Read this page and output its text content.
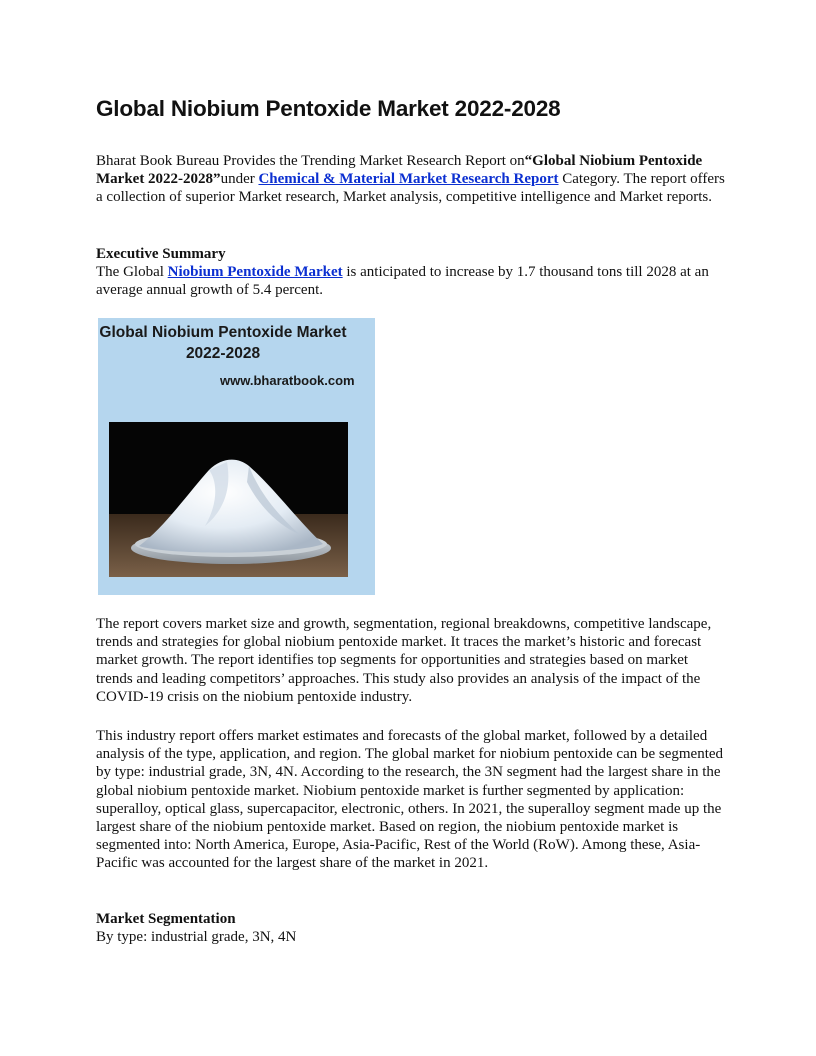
Global Niobium Pentoxide Market 2022-2028

Bharat Book Bureau Provides the Trending Market Research Report on“Global Niobium Pentoxide Market 2022-2028”under Chemical & Material Market Research Report Category. The report offers a collection of superior Market research, Market analysis, competitive intelligence and Market reports.

Executive Summary
The Global Niobium Pentoxide Market is anticipated to increase by 1.7 thousand tons till 2028 at an average annual growth of 5.4 percent.

Global Niobium Pentoxide Market 2022-2028
www.bharatbook.com

The report covers market size and growth, segmentation, regional breakdowns, competitive landscape, trends and strategies for global niobium pentoxide market. It traces the market’s historic and forecast market growth. The report identifies top segments for opportunities and strategies based on market trends and leading competitors’ approaches. This study also provides an analysis of the impact of the COVID-19 crisis on the niobium pentoxide industry.

This industry report offers market estimates and forecasts of the global market, followed by a detailed analysis of the type, application, and region. The global market for niobium pentoxide can be segmented by type: industrial grade, 3N, 4N. According to the research, the 3N segment had the largest share in the global niobium pentoxide market. Niobium pentoxide market is further segmented by application: superalloy, optical glass, supercapacitor, electronic, others. In 2021, the superalloy segment made up the largest share of the niobium pentoxide market. Based on region, the niobium pentoxide market is segmented into: North America, Europe, Asia-Pacific, Rest of the World (RoW). Among these, Asia-Pacific was accounted for the largest share of the market in 2021.

Market Segmentation
By type: industrial grade, 3N, 4N
